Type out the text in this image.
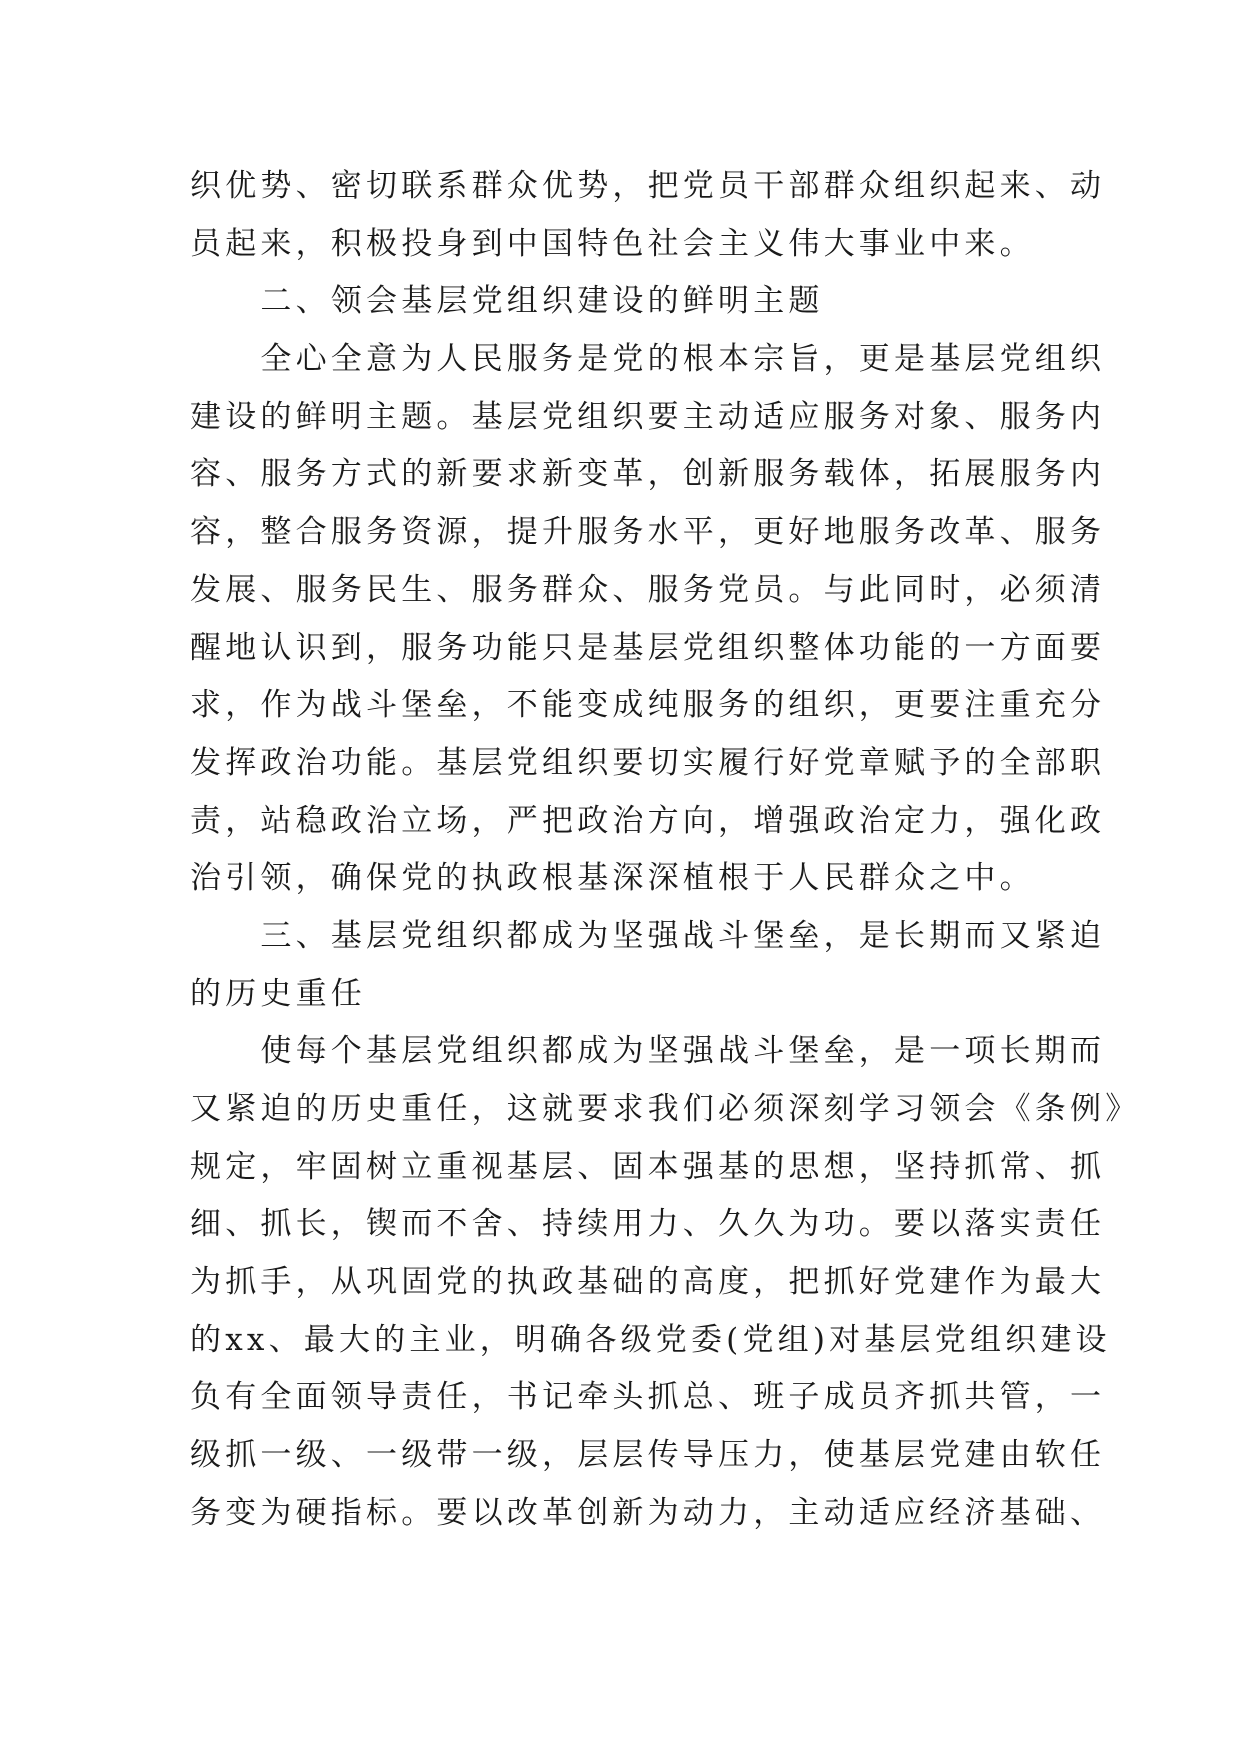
织优势、密切联系群众优势，把党员干部群众组织起来、动
员起来，积极投身到中国特色社会主义伟大事业中来。
　　二、领会基层党组织建设的鲜明主题
　　全心全意为人民服务是党的根本宗旨，更是基层党组织
建设的鲜明主题。基层党组织要主动适应服务对象、服务内
容、服务方式的新要求新变革，创新服务载体，拓展服务内
容，整合服务资源，提升服务水平，更好地服务改革、服务
发展、服务民生、服务群众、服务党员。与此同时，必须清
醒地认识到，服务功能只是基层党组织整体功能的一方面要
求，作为战斗堡垒，不能变成纯服务的组织，更要注重充分
发挥政治功能。基层党组织要切实履行好党章赋予的全部职
责，站稳政治立场，严把政治方向，增强政治定力，强化政
治引领，确保党的执政根基深深植根于人民群众之中。
　　三、基层党组织都成为坚强战斗堡垒，是长期而又紧迫
的历史重任
　　使每个基层党组织都成为坚强战斗堡垒，是一项长期而
又紧迫的历史重任，这就要求我们必须深刻学习领会《条例》
规定，牢固树立重视基层、固本强基的思想，坚持抓常、抓
细、抓长，锲而不舍、持续用力、久久为功。要以落实责任
为抓手，从巩固党的执政基础的高度，把抓好党建作为最大
的xx、最大的主业，明确各级党委(党组)对基层党组织建设
负有全面领导责任，书记牵头抓总、班子成员齐抓共管，一
级抓一级、一级带一级，层层传导压力，使基层党建由软任
务变为硬指标。要以改革创新为动力，主动适应经济基础、
